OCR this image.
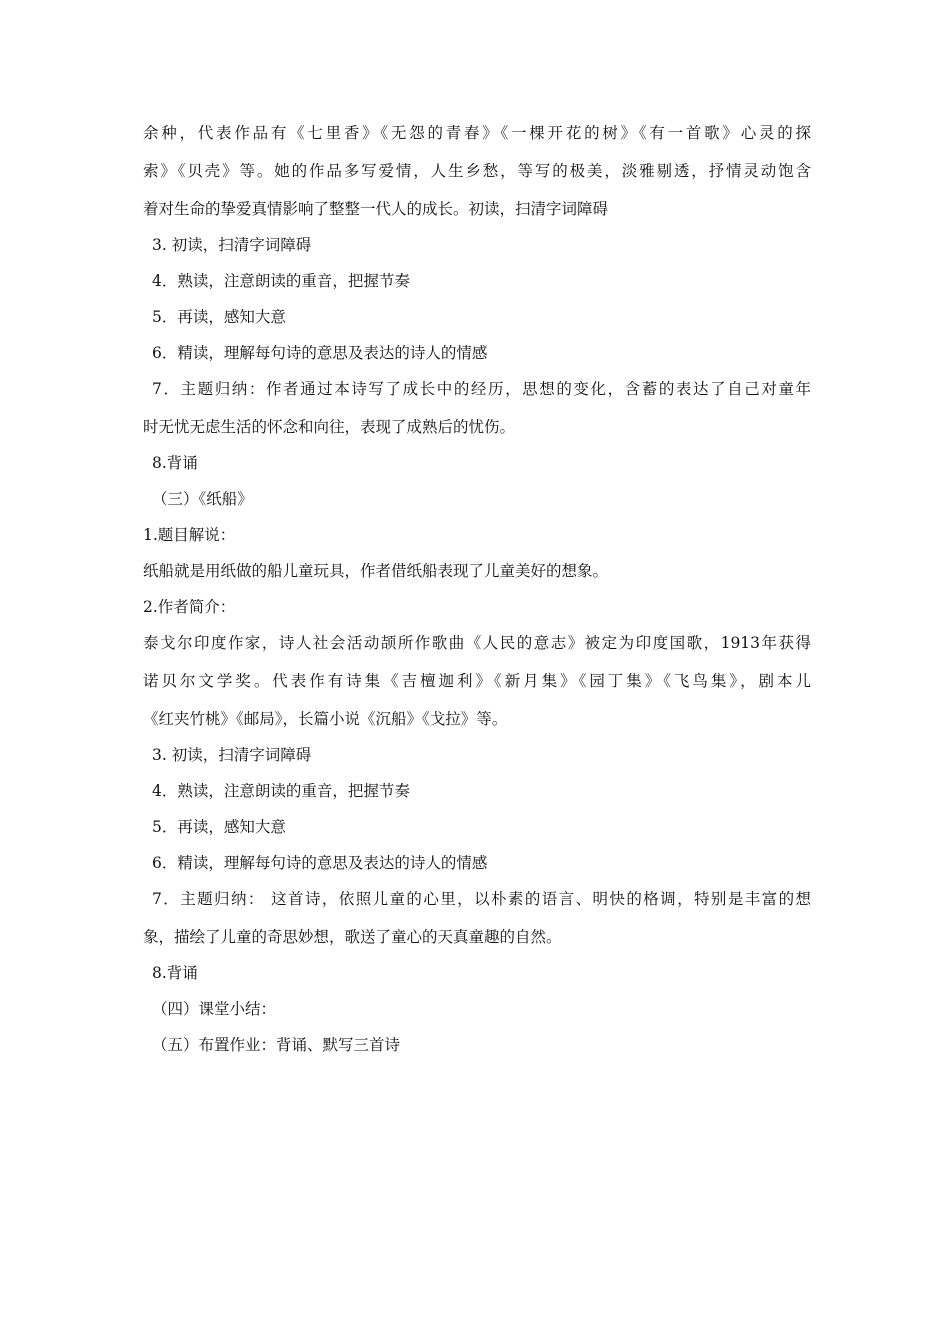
余种，代表作品有《七里香》《无怨的青春》《一棵开花的树》《有一首歌》心灵的探
索》《贝壳》等。她的作品多写爱情，人生乡愁，等写的极美，淡雅剔透，抒情灵动饱含
着对生命的挚爱真情影响了整整一代人的成长。初读，扫清字词障碍
3. 初读，扫清字词障碍
4．熟读，注意朗读的重音，把握节奏
5．再读，感知大意
6．精读，理解每句诗的意思及表达的诗人的情感
7．主题归纳：作者通过本诗写了成长中的经历，思想的变化，含蓄的表达了自己对童年
时无忧无虑生活的怀念和向往，表现了成熟后的忧伤。
8.背诵
（三）《纸船》
1.题目解说：
纸船就是用纸做的船儿童玩具，作者借纸船表现了儿童美好的想象。
2.作者简介：
泰戈尔印度作家，诗人社会活动颉所作歌曲《人民的意志》被定为印度国歌，1913年获得
诺贝尔文学奖。代表作有诗集《吉檀迦利》《新月集》《园丁集》《飞鸟集》，剧本儿
《红夹竹桃》《邮局》，长篇小说《沉船》《戈拉》等。
3. 初读，扫清字词障碍
4．熟读，注意朗读的重音，把握节奏
5．再读，感知大意
6．精读，理解每句诗的意思及表达的诗人的情感
7．主题归纳： 这首诗，依照儿童的心里，以朴素的语言、明快的格调，特别是丰富的想
象，描绘了儿童的奇思妙想，歌送了童心的天真童趣的自然。
8.背诵
（四）课堂小结：
（五）布置作业：背诵、默写三首诗
